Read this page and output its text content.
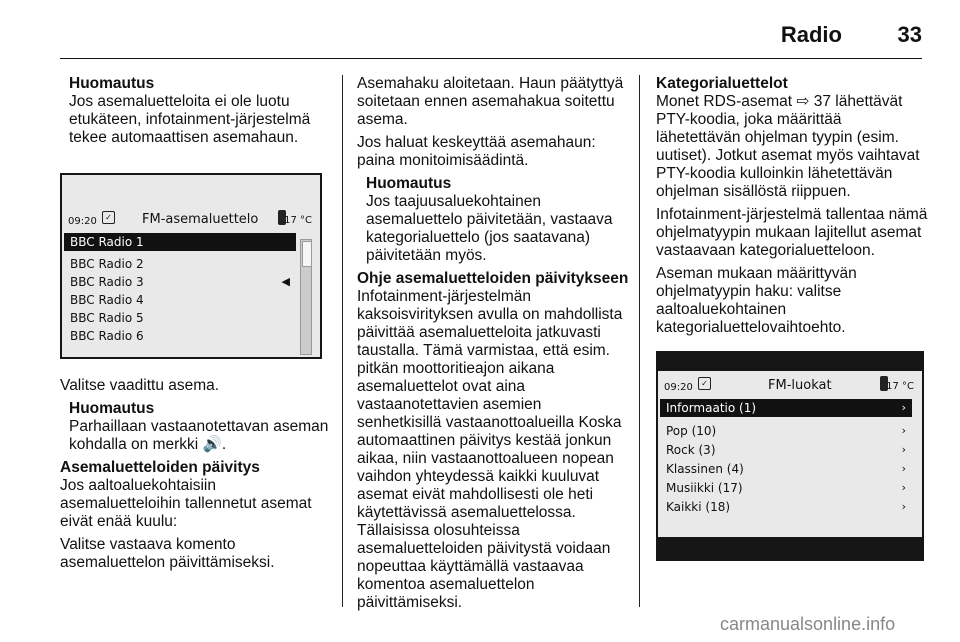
Radio	33

Huomautus

Jos asemaluetteloita ei ole luotu etukäteen, infotainment-järjestelmä tekee automaattisen asemahaun.

09:20	✓ FM-asemaluettelo	17 °C
BBC Radio 1
BBC Radio 2
BBC Radio 3	◀
BBC Radio 4
BBC Radio 5
BBC Radio 6

Valitse vaadittu asema.

Huomautus

Parhaillaan vastaanotettavan aseman kohdalla on merkki 🔊.

Asemaluetteloiden päivitys

Jos aaltoaluekohtaisiin asemaluetteloihin tallennetut asemat eivät enää kuulu:

Valitse vastaava komento asemaluettelon päivittämiseksi.

Asemahaku aloitetaan. Haun päätyttyä soitetaan ennen asemahakua soitettu asema.

Jos haluat keskeyttää asemahaun: paina monitoimisäädintä.

Huomautus

Jos taajuusaluekohtainen asemaluettelo päivitetään, vastaava kategorialuettelo (jos saatavana) päivitetään myös.

Ohje asemaluetteloiden päivitykseen

Infotainment-järjestelmän kaksoisvirityksen avulla on mahdollista päivittää asemaluetteloita jatkuvasti taustalla. Tämä varmistaa, että esim. pitkän moottoritieajon aikana asemaluettelot ovat aina vastaanotettavien asemien senhetkisillä vastaanottoalueilla Koska automaattinen päivitys kestää jonkun aikaa, niin vastaanottoalueen nopean vaihdon yhteydessä kaikki kuuluvat asemat eivät mahdollisesti ole heti käytettävissä asemaluettelossa. Tällaisissa olosuhteissa asemaluetteloiden päivitystä voidaan nopeuttaa käyttämällä vastaavaa komentoa asemaluettelon päivittämiseksi.

Kategorialuettelot

Monet RDS-asemat ⇨ 37 lähettävät PTY-koodia, joka määrittää lähetettävän ohjelman tyypin (esim. uutiset). Jotkut asemat myös vaihtavat PTY-koodia kulloinkin lähetettävän ohjelman sisällöstä riippuen.

Infotainment-järjestelmä tallentaa nämä ohjelmatyypin mukaan lajitellut asemat vastaavaan kategorialuetteloon.

Aseman mukaan määrittyvän ohjelmatyypin haku: valitse aaltoaluekohtainen kategorialuettelovaihtoehto.

09:20	✓	FM-luokat	17 °C
Informaatio (1)	›
Pop (10)	›
Rock (3)	›
Klassinen (4)	›
Musiikki (17)	›
Kaikki (18)	›
carmanualsonline.info
